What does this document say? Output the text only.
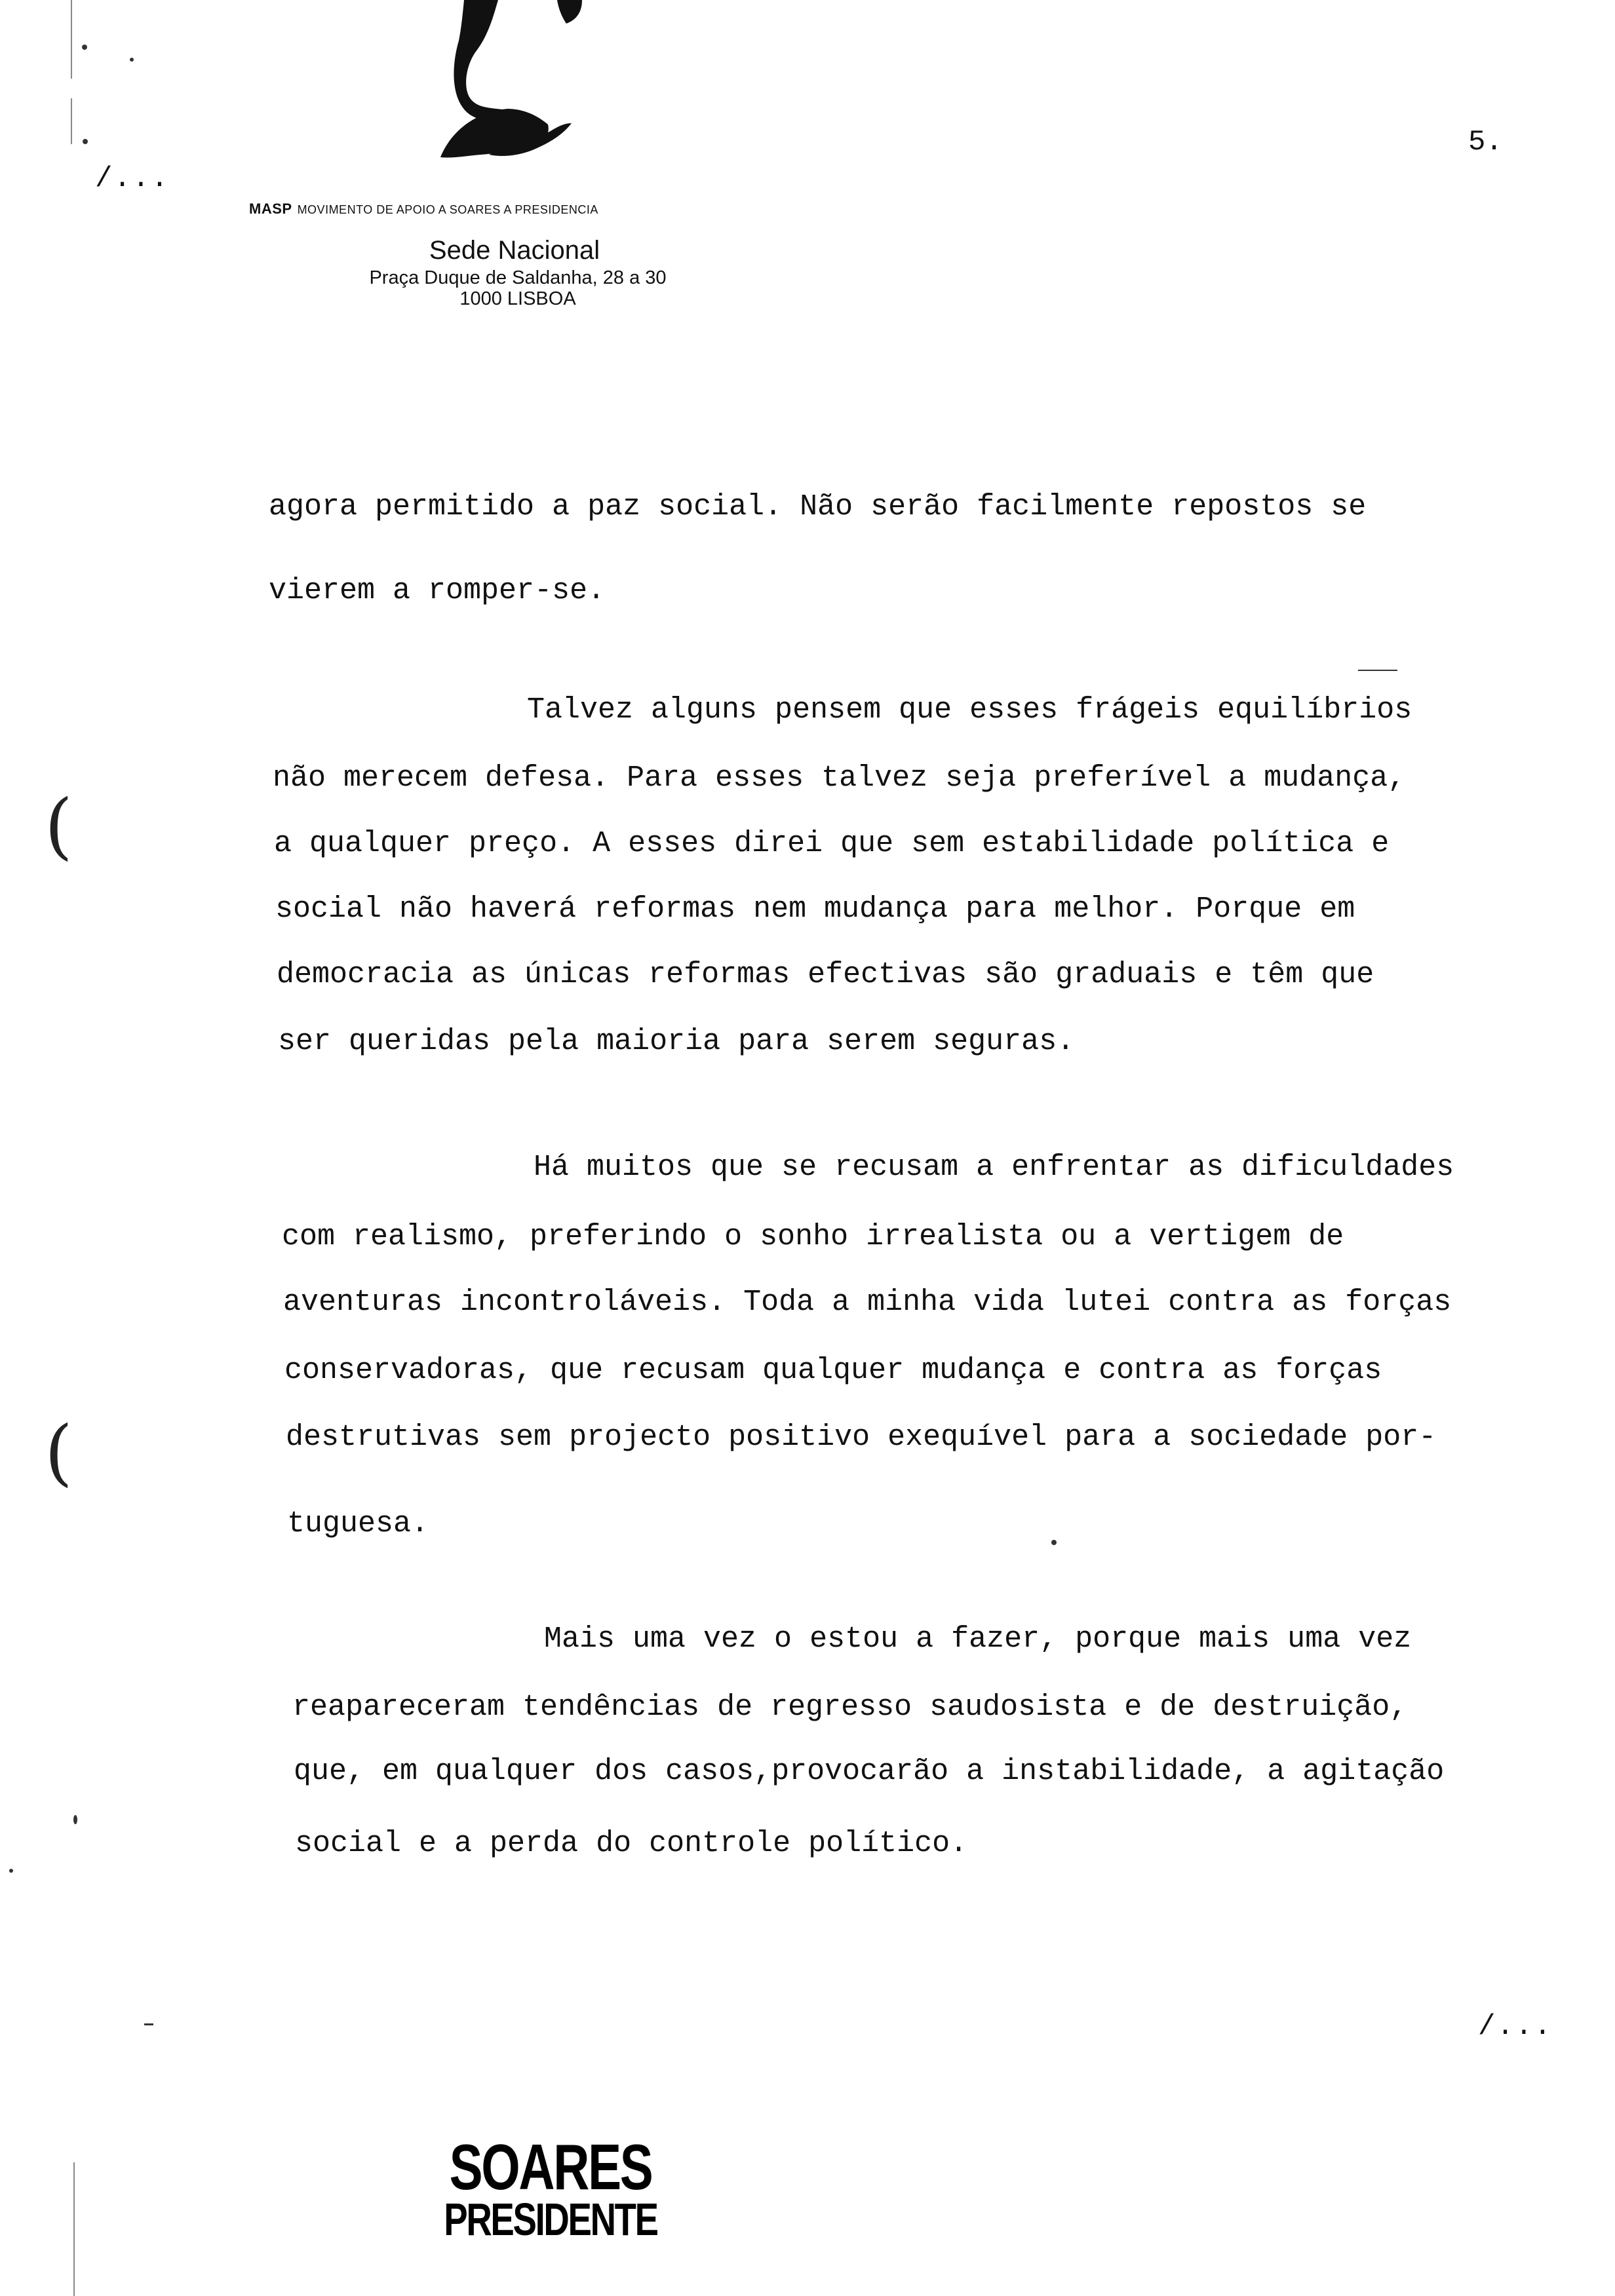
/...
5.
MASP MOVIMENTO DE APOIO A SOARES A PRESIDENCIA
Sede Nacional
Praça Duque de Saldanha, 28 a 30
1000 LISBOA
(
(
agora permitido a paz social. Não serão facilmente repostos se
vierem a romper-se.
Talvez alguns pensem que esses frágeis equilíbrios
não merecem defesa. Para esses talvez seja preferível a mudança,
a qualquer preço. A esses direi que sem estabilidade política e
social não haverá reformas nem mudança para melhor. Porque em
democracia as únicas reformas efectivas são graduais e têm que
ser queridas pela maioria para serem seguras.
Há muitos que se recusam a enfrentar as dificuldades
com realismo, preferindo o sonho irrealista ou a vertigem de
aventuras incontroláveis. Toda a minha vida lutei contra as forças
conservadoras, que recusam qualquer mudança e contra as forças
destrutivas sem projecto positivo exequível para a sociedade por-
tuguesa.
Mais uma vez o estou a fazer, porque mais uma vez
reapareceram tendências de regresso saudosista e de destruição,
que, em qualquer dos casos,provocarão a instabilidade, a agitação
social e a perda do controle político.
/...
SOARES
PRESIDENTE
